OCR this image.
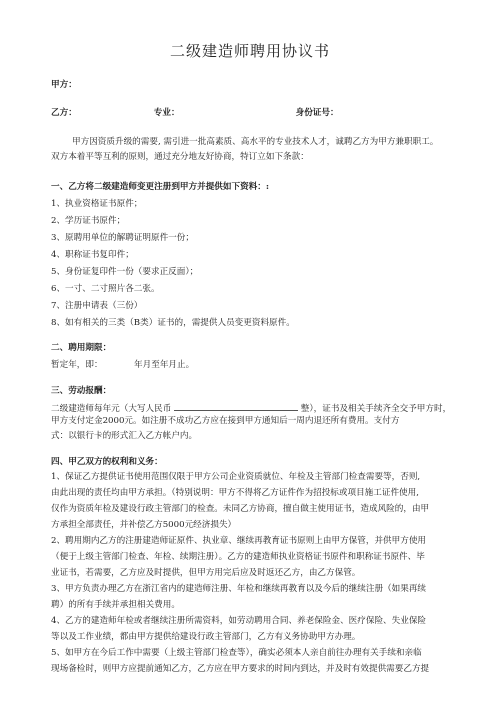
二级建造师聘用协议书
甲方：
乙方：	专业：	身份证号：
甲方因资质升级的需要, 需引进一批高素质、高水平的专业技术人才，诚聘乙方为甲方兼职职工。
双方本着平等互利的原则，通过充分地友好协商，特订立如下条款：
一、乙方将二级建造师变更注册到甲方并提供如下资料：:
1、执业资格证书原件；
2、学历证书原件；
3、原聘用单位的解聘证明原件一份；
4、职称证书复印件；
5、身份证复印件一份（要求正反面）；
6、一寸、二寸照片各二张。
7、注册申请表（三份）
8、如有相关的三类（B类）证书的，需提供人员变更资料原件。
二、聘用期限：
暂定年，即：	年月至年月止。
三、劳动报酬：
二级建造师每年元（大写人民币	整），证书及相关手续齐全交予甲方时，
甲方支付定金2000元。如注册不成功乙方应在接到甲方通知后一周内退还所有费用。支付方
式：以银行卡的形式汇入乙方帐户内。
四、甲乙双方的权利和义务：
1、保证乙方提供证书使用范围仅限于甲方公司企业资质就位、年检及主管部门检查需要等，否则,
由此出现的责任均由甲方承担。（特别说明：甲方不得将乙方证件作为招投标或项目施工证件使用,
仅作为资质年检及建设行政主管部门的检查。未同乙方协商，擅自做主使用证书，造成风险的，由甲
方承担全部责任，并补偿乙方5000元经济损失）
2、聘用期内乙方的注册建造师证原件、执业章、继续再教育证书原则上由甲方保管，并供甲方使用
（便于上级主管部门检查、年检、续期注册）。乙方的建造师执业资格证书原件和职称证书原件、毕
业证书，若需要，乙方应及时提供，但甲方用完后应及时返还乙方，由乙方保管。
3、甲方负责办理乙方在浙江省内的建造师注册、年检和继续再教育以及今后的继续注册（如果再续
聘）的所有手续并承担相关费用。
4、乙方的建造师年检或者继续注册所需资料，如劳动聘用合同、养老保险金、医疗保险、失业保险
等以及工作业绩，都由甲方提供给建设行政主管部门，乙方有义务协助甲方办理。
5、如甲方在今后工作中需要（上级主管部门检查等），确实必须本人亲自前往办理有关手续和亲临
现场备检时，则甲方应提前通知乙方，乙方应在甲方要求的时间内到达，并及时有效提供需要乙方提
